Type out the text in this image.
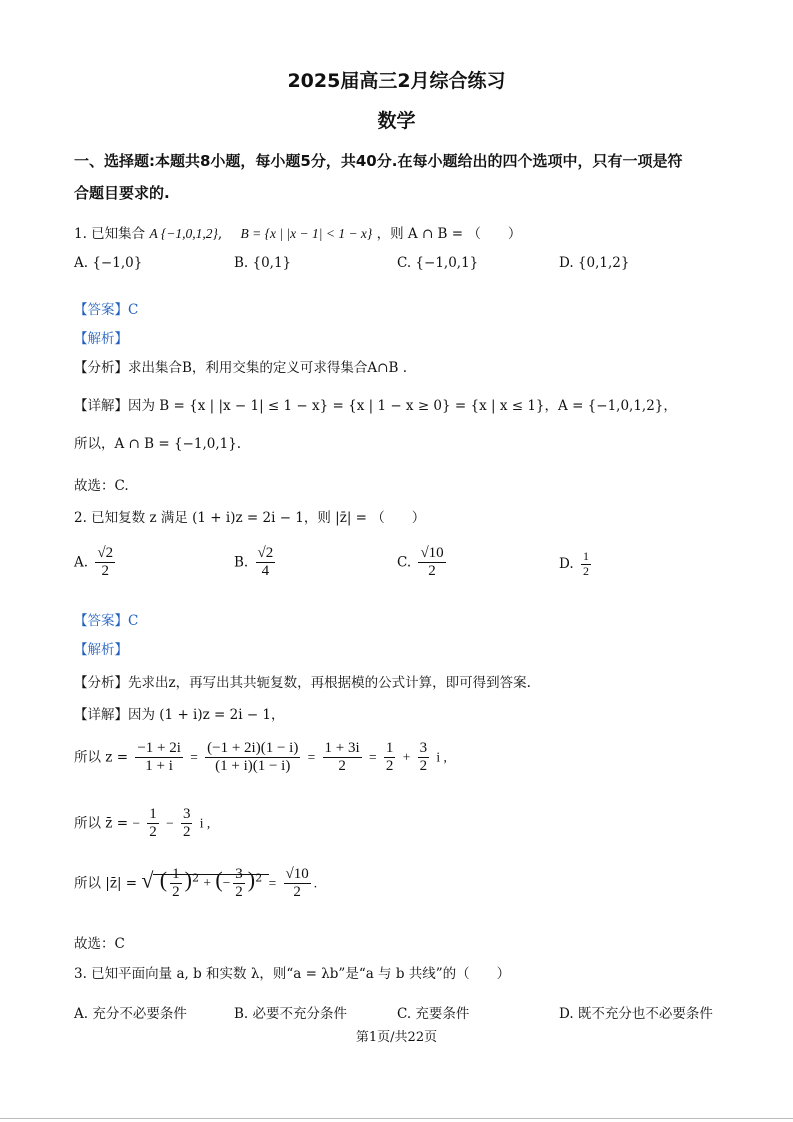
2025届高三2月综合练习
数学
一、选择题:本题共8小题，每小题5分，共40分.在每小题给出的四个选项中，只有一项是符
合题目要求的.
1. 已知集合 A {−1,0,1,2}, B = {x | |x − 1| < 1 − x} ，则 A ∩ B = （　　）
A. {−1,0}	B. {0,1}	C. {−1,0,1}	D. {0,1,2}
【答案】C
【解析】
【分析】求出集合B，利用交集的定义可求得集合A∩B .
【详解】因为 B = {x | |x − 1| ≤ 1 − x} = {x | 1 − x ≥ 0} = {x | x ≤ 1}，A = {−1,0,1,2}，
所以，A ∩ B = {−1,0,1}.
故选：C.
2. 已知复数 z 满足 (1 + i)z = 2i − 1，则 |z̄| = （　　）
A. $\frac{√2}{2}$	B. $\frac{√2}{4}$	C. $\frac{√10}{2}$	D. $\frac{1}{2}$
【答案】C
【解析】
【分析】先求出z，再写出其共轭复数，再根据模的公式计算，即可得到答案.
【详解】因为 (1 + i)z = 2i − 1，
所以 $z = \frac{-1 + 2i}{1 + i} = \frac{(-1 + 2i)(1 - i)}{(1 + i)(1 - i)} = \frac{1 + 3i}{2} = \frac{1}{2} + \frac{3}{2}$ i ,
所以 z̄ = − $\frac{1}{2} - \frac{3}{2}$ i ,
所以 |z̄| = √ ( $\frac{1}{2} )^2$ + (− $\frac{3}{2} )^2 = \frac{√10}{2}$ .
故选：C
3. 已知平面向量 a, b 和实数 λ，则“a = λb”是“a 与 b 共线”的（　　）
A. 充分不必要条件	B. 必要不充分条件	C. 充要条件	D. 既不充分也不必要条件
第1页/共22页
